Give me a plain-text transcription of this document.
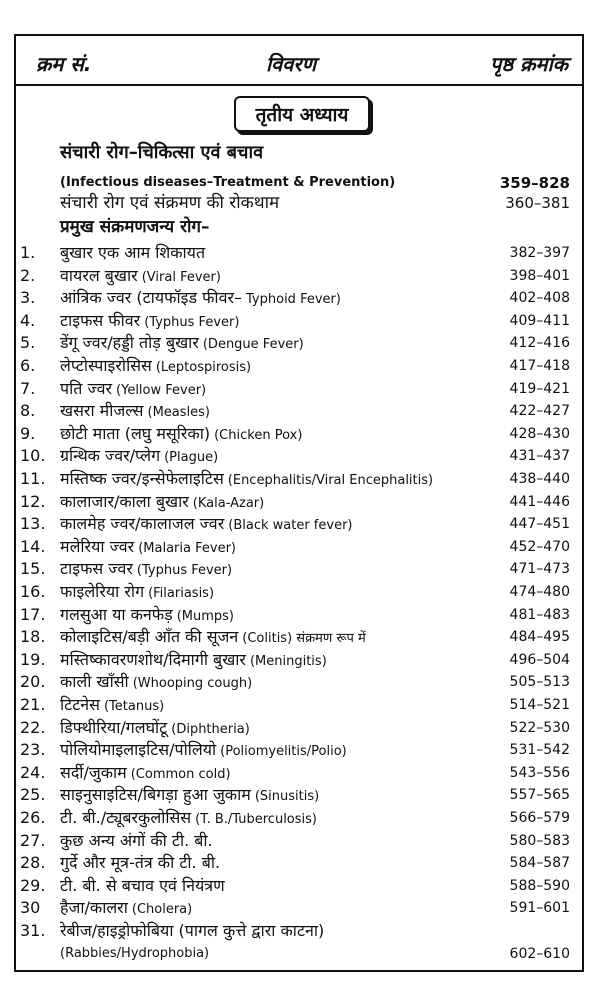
क्रम सं.	विवरण	पृष्ठ क्रमांक
तृतीय अध्याय
संचारी रोग–चिकित्सा एवं बचाव
(Infectious diseases–Treatment & Prevention)	359–828
संचारी रोग एवं संक्रमण की रोकथाम	360–381
प्रमुख संक्रमणजन्य रोग–
1. बुखार एक आम शिकायत	382–397
2. वायरल बुखार (Viral Fever)	398–401
3. आंत्रिक ज्वर (टायफॉइड फीवर– Typhoid Fever)	402–408
4. टाइफस फीवर (Typhus Fever)	409–411
5. डेंगू ज्वर/हड्डी तोड़ बुखार (Dengue Fever)	412–416
6. लेप्टोस्पाइरोसिस (Leptospirosis)	417–418
7. पति ज्वर (Yellow Fever)	419–421
8. खसरा मीजल्स (Measles)	422–427
9. छोटी माता (लघु मसूरिका) (Chicken Pox)	428–430
10. ग्रन्थिक ज्वर/प्लेग (Plague)	431–437
11. मस्तिष्क ज्वर/इन्सेफेलाइटिस (Encephalitis/Viral Encephalitis)	438–440
12. कालाजार/काला बुखार (Kala-Azar)	441–446
13. कालमेह ज्वर/कालाजल ज्वर (Black water fever)	447–451
14. मलेरिया ज्वर (Malaria Fever)	452–470
15. टाइफस ज्वर (Typhus Fever)	471–473
16. फाइलेरिया रोग (Filariasis)	474–480
17. गलसुआ या कनफेड़ (Mumps)	481–483
18. कोलाइटिस/बड़ी आँत की सूजन (Colitis) संक्रमण रूप में	484–495
19. मस्तिष्कावरणशोथ/दिमागी बुखार (Meningitis)	496–504
20. काली खाँसी (Whooping cough)	505–513
21. टिटनेस (Tetanus)	514–521
22. डिफ्थीरिया/गलघोंटू (Diphtheria)	522–530
23. पोलियोमाइलाइटिस/पोलियो (Poliomyelitis/Polio)	531–542
24. सर्दी/जुकाम (Common cold)	543–556
25. साइनुसाइटिस/बिगड़ा हुआ जुकाम (Sinusitis)	557–565
26. टी. बी./ट्यूबरकुलोसिस (T. B./Tuberculosis)	566–579
27. कुछ अन्य अंगों की टी. बी.	580–583
28. गुर्दे और मूत्र-तंत्र की टी. बी.	584–587
29. टी. बी. से बचाव एवं नियंत्रण	588–590
30 हैजा/कालरा (Cholera)	591–601
31. रेबीज/हाइड्रोफोबिया (पागल कुत्ते द्वारा काटना)
(Rabbies/Hydrophobia)	602–610
